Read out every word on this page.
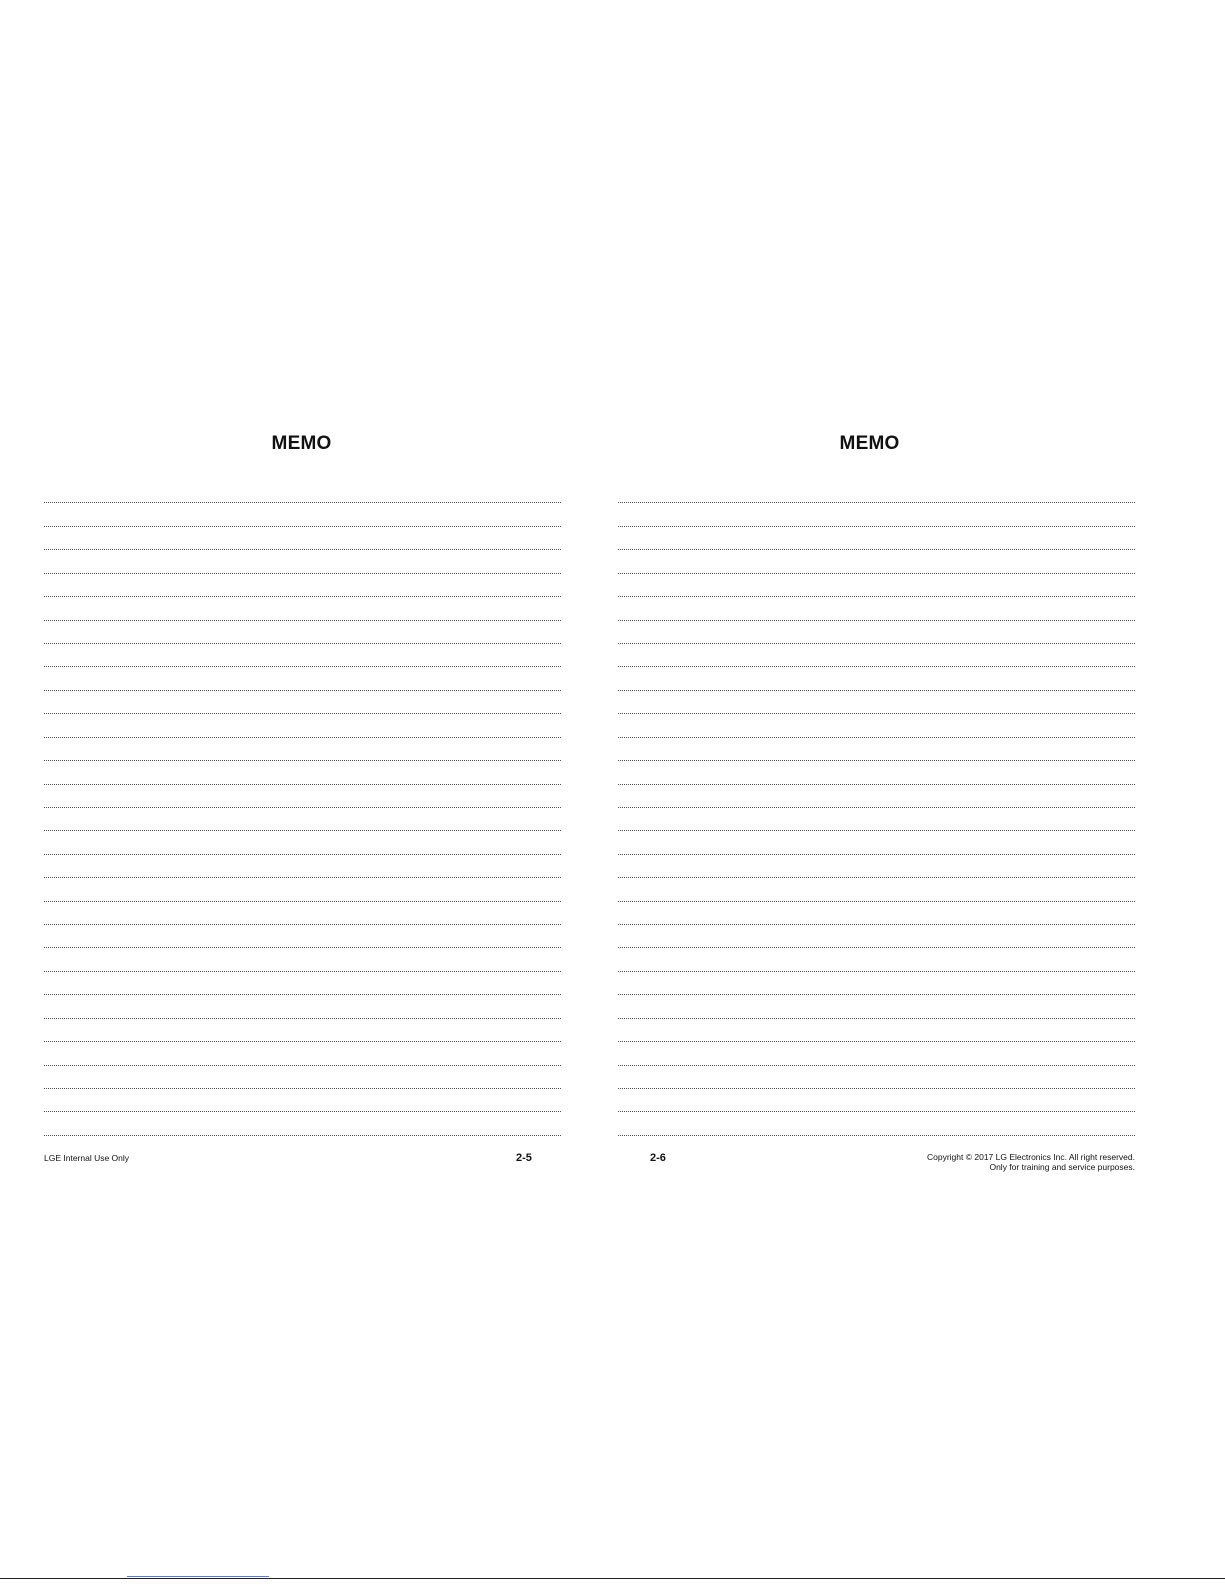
MEMO
LGE Internal Use Only	2-5
MEMO
2-6	Copyright © 2017 LG Electronics Inc. All right reserved.
Only for training and service purposes.
